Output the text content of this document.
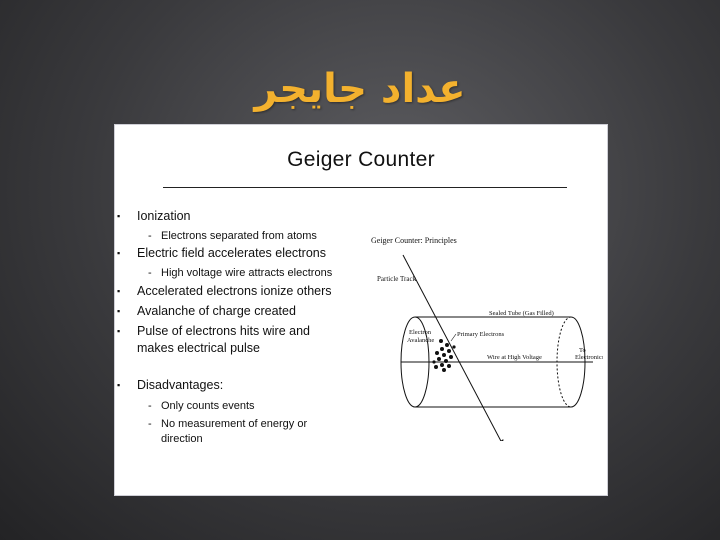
عداد جايجر
Geiger Counter
▪ Ionization
- Electrons separated from atoms
▪ Electric field accelerates electrons
- High voltage wire attracts electrons
▪ Accelerated electrons ionize others
▪ Avalanche of charge created
▪ Pulse of electrons hits wire and
makes electrical pulse
▪ Disadvantages:
- Only counts events
- No measurement of energy or
direction
Geiger Counter: Principles
Particle Track
Sealed Tube (Gas Filled)
Primary Electrons
Electron
Avalanche
Wire at High Voltage
To
Electronics
